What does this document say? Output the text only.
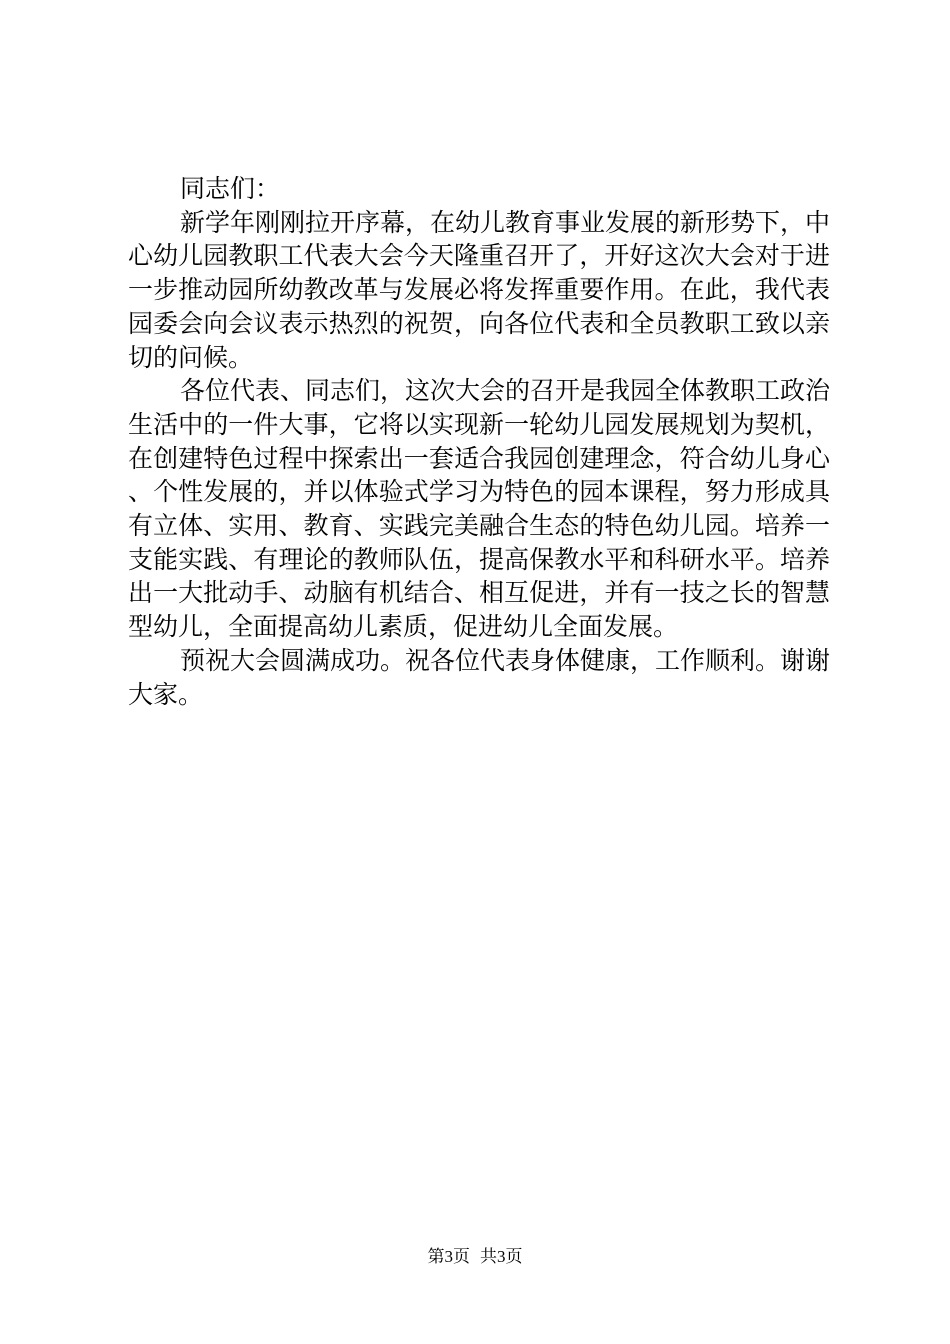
同志们：

新学年刚刚拉开序幕，在幼儿教育事业发展的新形势下，中心幼儿园教职工代表大会今天隆重召开了，开好这次大会对于进一步推动园所幼教改革与发展必将发挥重要作用。在此，我代表园委会向会议表示热烈的祝贺，向各位代表和全员教职工致以亲切的问候。

各位代表、同志们，这次大会的召开是我园全体教职工政治生活中的一件大事，它将以实现新一轮幼儿园发展规划为契机，在创建特色过程中探索出一套适合我园创建理念，符合幼儿身心、个性发展的，并以体验式学习为特色的园本课程，努力形成具有立体、实用、教育、实践完美融合生态的特色幼儿园。培养一支能实践、有理论的教师队伍，提高保教水平和科研水平。培养出一大批动手、动脑有机结合、相互促进，并有一技之长的智慧型幼儿，全面提高幼儿素质，促进幼儿全面发展。

预祝大会圆满成功。祝各位代表身体健康，工作顺利。谢谢大家。

第3页 共3页
